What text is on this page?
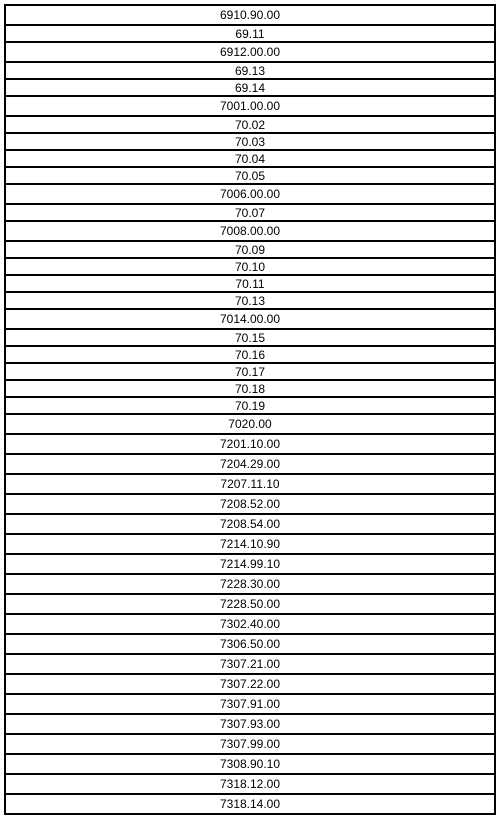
6910.90.00
69.11
6912.00.00
69.13
69.14
7001.00.00
70.02
70.03
70.04
70.05
7006.00.00
70.07
7008.00.00
70.09
70.10
70.11
70.13
7014.00.00
70.15
70.16
70.17
70.18
70.19
7020.00
7201.10.00
7204.29.00
7207.11.10
7208.52.00
7208.54.00
7214.10.90
7214.99.10
7228.30.00
7228.50.00
7302.40.00
7306.50.00
7307.21.00
7307.22.00
7307.91.00
7307.93.00
7307.99.00
7308.90.10
7318.12.00
7318.14.00
